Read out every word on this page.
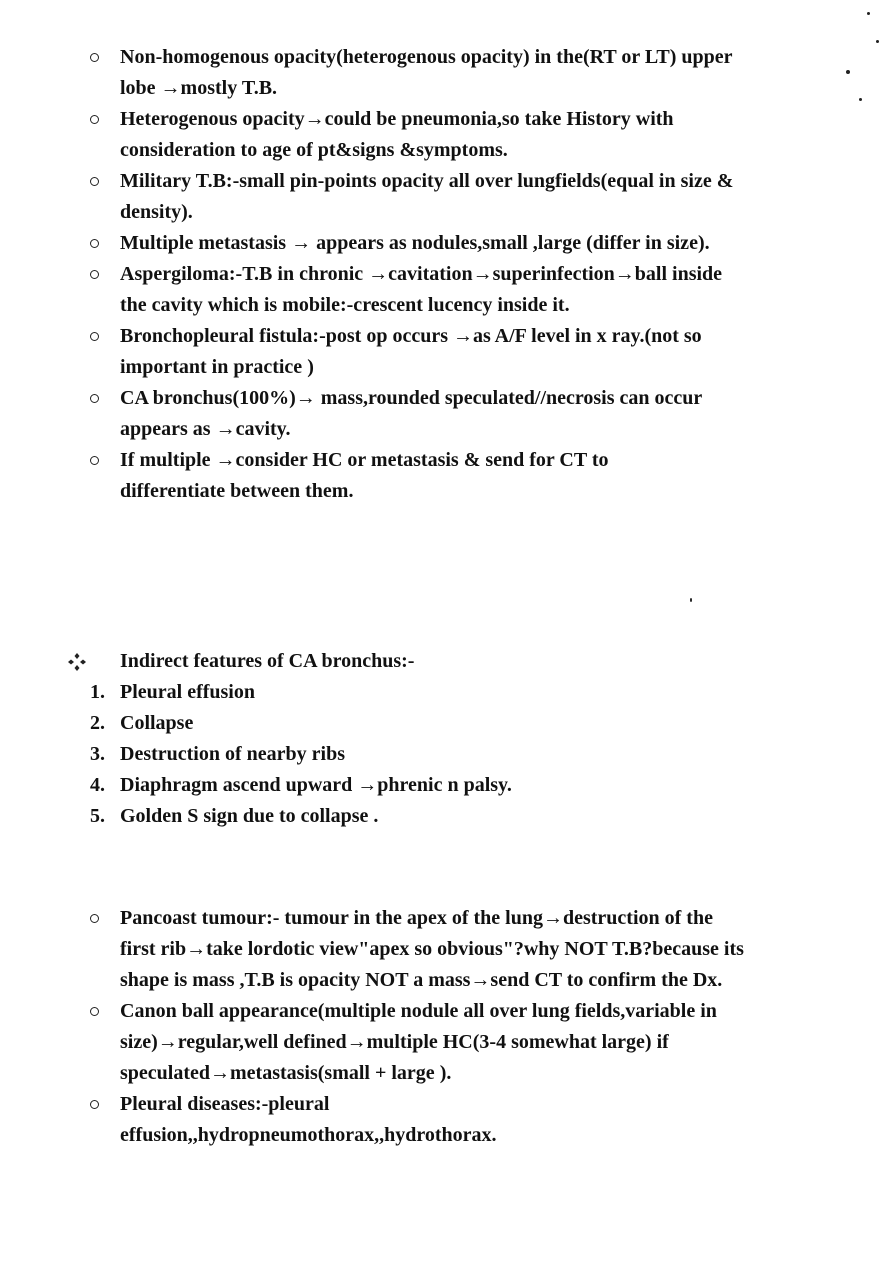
Non-homogenous opacity(heterogenous opacity) in the(RT or LT) upper lobe →mostly T.B.
Heterogenous opacity→could be pneumonia,so take History with consideration to age of pt&signs &symptoms.
Military T.B:-small pin-points opacity all over lungfields(equal in size & density).
Multiple metastasis → appears as nodules,small ,large (differ in size).
Aspergiloma:-T.B in chronic →cavitation→superinfection→ball inside the cavity which is mobile:-crescent lucency inside it.
Bronchopleural fistula:-post op occurs →as A/F level in x ray.(not so important in practice )
CA bronchus(100%)→ mass,rounded speculated//necrosis can occur appears as →cavity.
If multiple →consider HC or metastasis & send for CT to differentiate between them.
Indirect features of CA bronchus:-
1. Pleural effusion
2. Collapse
3. Destruction of nearby ribs
4. Diaphragm ascend upward →phrenic n palsy.
5. Golden S sign due to collapse .
Pancoast tumour:- tumour in the apex of the lung→destruction of the first rib→take lordotic view"apex so obvious"?why NOT T.B?because its shape is mass ,T.B is opacity NOT a mass→send CT to confirm the Dx.
Canon ball appearance(multiple nodule all over lung fields,variable in size)→regular,well defined→multiple HC(3-4 somewhat large) if speculated→metastasis(small + large ).
Pleural diseases:-pleural effusion,,hydropneumothorax,,hydrothorax.
